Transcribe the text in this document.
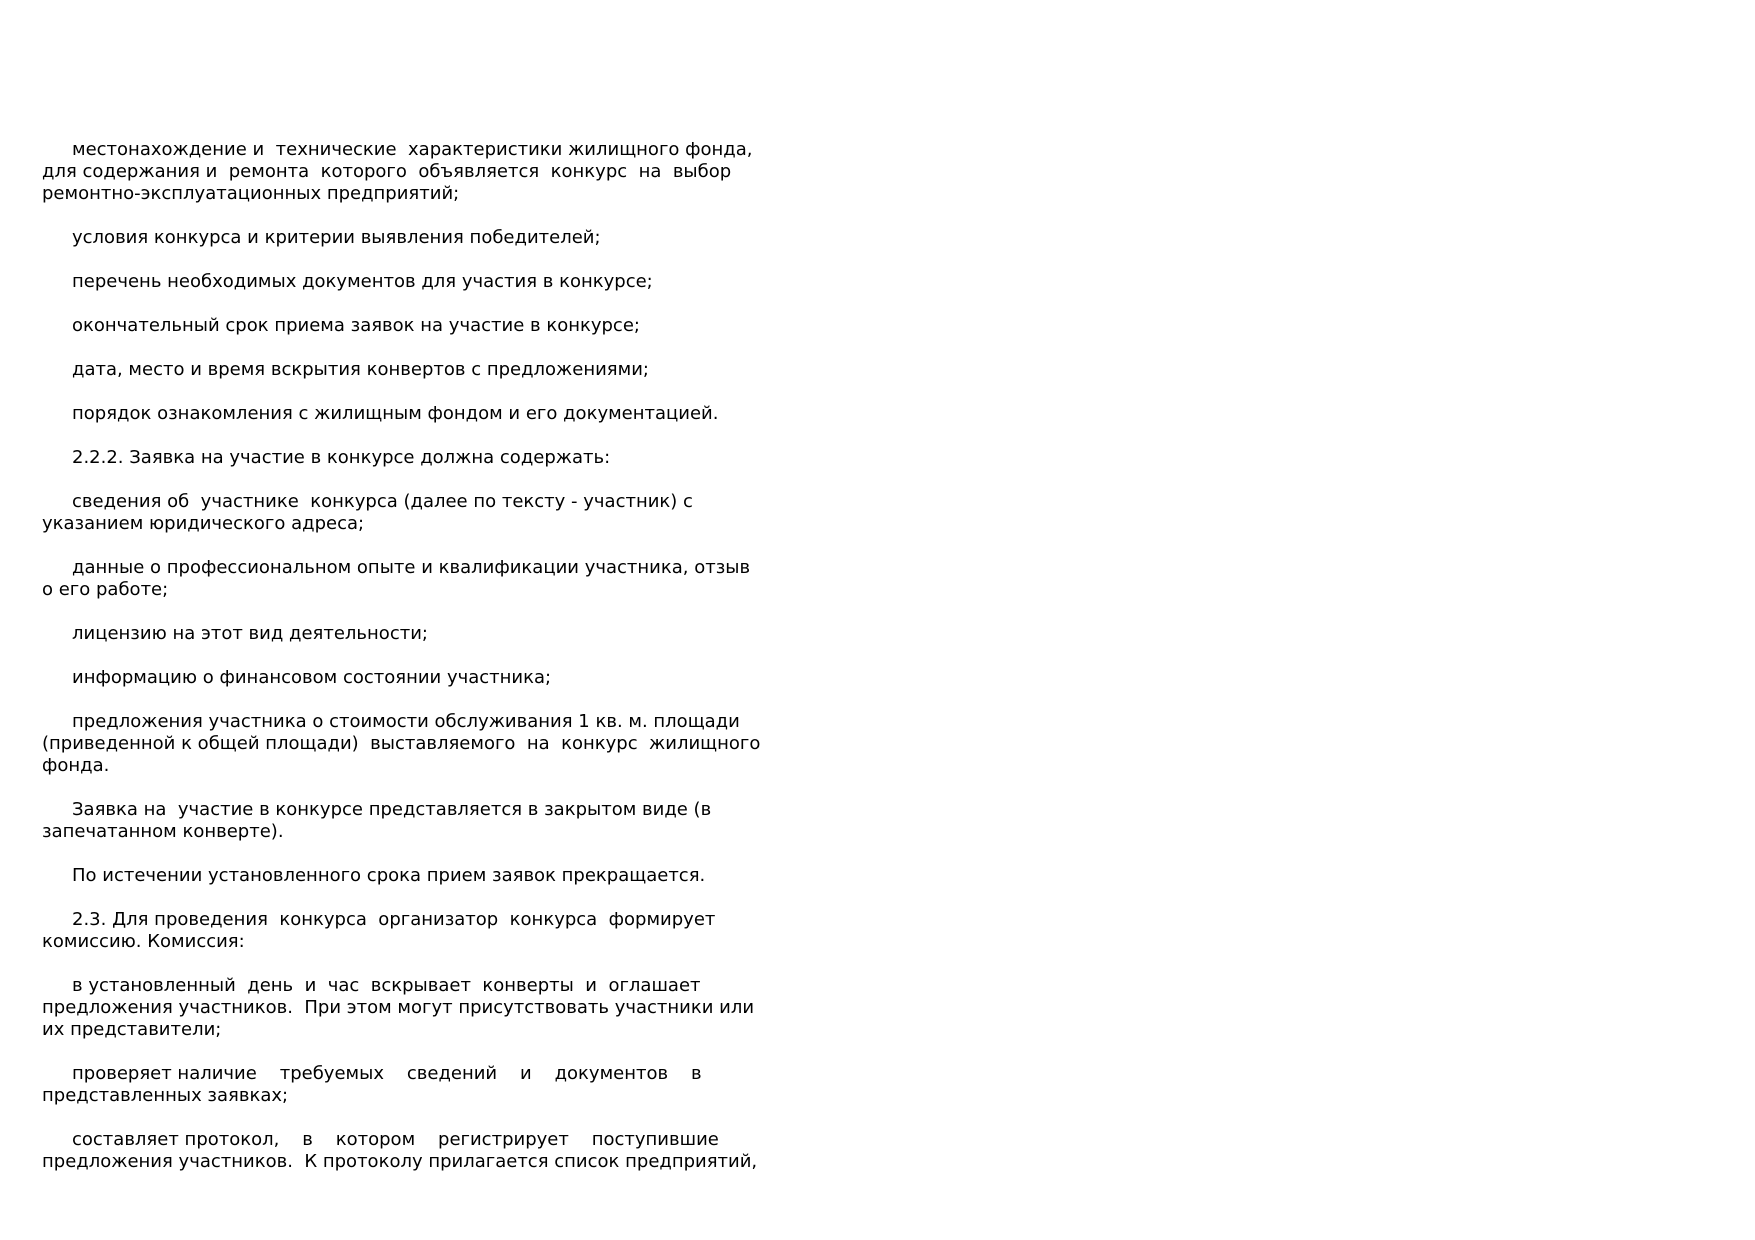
местонахождение и  технические  характеристики жилищного фонда,
для содержания и  ремонта  которого  объявляется  конкурс  на  выбор
ремонтно-эксплуатационных предприятий;
условия конкурса и критерии выявления победителей;
перечень необходимых документов для участия в конкурсе;
окончательный срок приема заявок на участие в конкурсе;
дата, место и время вскрытия конвертов с предложениями;
порядок ознакомления с жилищным фондом и его документацией.
2.2.2. Заявка на участие в конкурсе должна содержать:
сведения об  участнике  конкурса (далее по тексту - участник) с
указанием юридического адреса;
данные о профессиональном опыте и квалификации участника, отзыв
о его работе;
лицензию на этот вид деятельности;
информацию о финансовом состоянии участника;
предложения участника о стоимости обслуживания 1 кв. м. площади
(приведенной к общей площади)  выставляемого  на  конкурс  жилищного
фонда.
Заявка на  участие в конкурсе представляется в закрытом виде (в
запечатанном конверте).
По истечении установленного срока прием заявок прекращается.
2.3. Для проведения  конкурса  организатор  конкурса  формирует
комиссию. Комиссия:
в установленный  день  и  час  вскрывает  конверты  и  оглашает
предложения участников.  При этом могут присутствовать участники или
их представители;
проверяет наличие    требуемых    сведений    и    документов    в
представленных заявках;
составляет протокол,    в    котором    регистрирует    поступившие
предложения участников.  К протоколу прилагается список предприятий,
